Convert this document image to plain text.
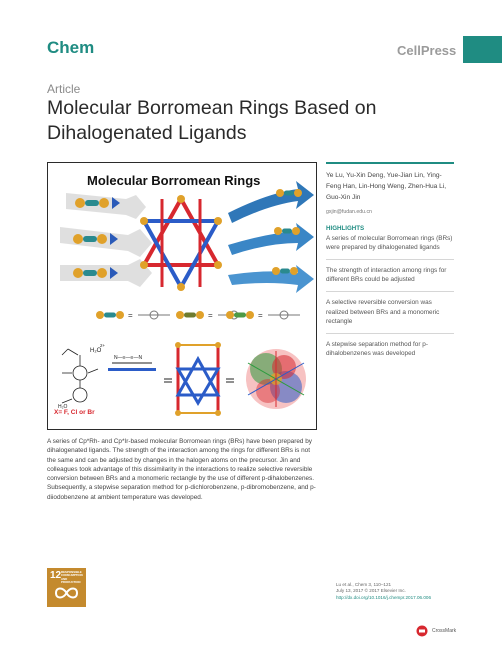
Chem	CellPress
Article
Molecular Borromean Rings Based on Dihalogenated Ligands
=	=	=
H₂O
2+
H₂O
N—≡—≡—N
Molecular Borromean Rings
X= F, Cl or Br
Ye Lu, Yu-Xin Deng, Yue-Jian Lin, Ying-Feng Han, Lin-Hong Weng, Zhen-Hua Li, Guo-Xin Jin
gxjin@fudan.edu.cn
HIGHLIGHTS
A series of molecular Borromean rings (BRs) were prepared by dihalogenated ligands
The strength of interaction among rings for different BRs could be adjusted
A selective reversible conversion was realized between BRs and a monomeric rectangle
A stepwise separation method for p-dihalobenzenes was developed
A series of Cp*Rh- and Cp*Ir-based molecular Borromean rings (BRs) have been prepared by dihalogenated ligands. The strength of the interaction among the rings for different BRs is not the same and can be adjusted by changes in the halogen atoms on the precursor. Jin and colleagues took advantage of this dissimilarity in the interactions to realize selective reversible conversion between BRs and a monomeric rectangle by the use of different p-dihalobenzenes. Subsequently, a stepwise separation method for p-dichlorobenzene, p-dibromobenzene, and p-diiodobenzene at ambient temperature was developed.
12 RESPONSIBLE CONSUMPTION AND PRODUCTION
Lu et al., Chem 3, 110–121
July 13, 2017 © 2017 Elsevier Inc.
http://dx.doi.org/10.1016/j.chempr.2017.06.006
CrossMark
